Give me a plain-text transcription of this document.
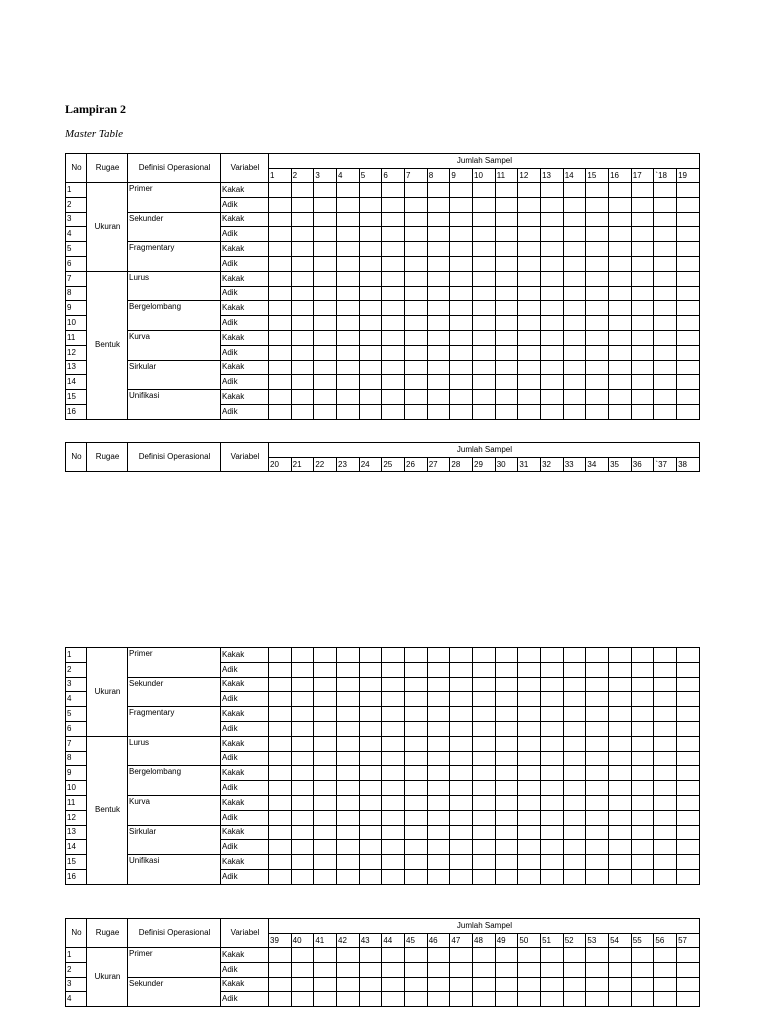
Lampiran 2
Master Table
No	Rugae	Definisi Operasional	Variabel	Jumlah Sampel																		
				1	2	3	4	5	6	7	8	9	10	11	12	13	14	15	16	17	`18	19
1	Ukuran	Primer	Kakak																			
2			Adik																			
3		Sekunder	Kakak																			
4			Adik																			
5		Fragmentary	Kakak																			
6			Adik																			
7	Bentuk	Lurus	Kakak																			
8			Adik																			
9		Bergelombang	Kakak																			
10			Adik																			
11		Kurva	Kakak																			
12			Adik																			
13		Sirkular	Kakak																			
14			Adik																			
15		Unifikasi	Kakak																			
16			Adik																			
No	Rugae	Definisi Operasional	Variabel	Jumlah Sampel																		
				20	21	22	23	24	25	26	27	28	29	30	31	32	33	34	35	36	`37	38
1	Ukuran	Primer	Kakak																			
2			Adik																			
3		Sekunder	Kakak																			
4			Adik																			
5		Fragmentary	Kakak																			
6			Adik																			
7	Bentuk	Lurus	Kakak																			
8			Adik																			
9		Bergelombang	Kakak																			
10			Adik																			
11		Kurva	Kakak																			
12			Adik																			
13		Sirkular	Kakak																			
14			Adik																			
15		Unifikasi	Kakak																			
16			Adik																			
No	Rugae	Definisi Operasional	Variabel	Jumlah Sampel																		
				39	40	41	42	43	44	45	46	47	48	49	50	51	52	53	54	55	56	57
1	Ukuran	Primer	Kakak																			
2			Adik																			
3		Sekunder	Kakak																			
4			Adik																			
